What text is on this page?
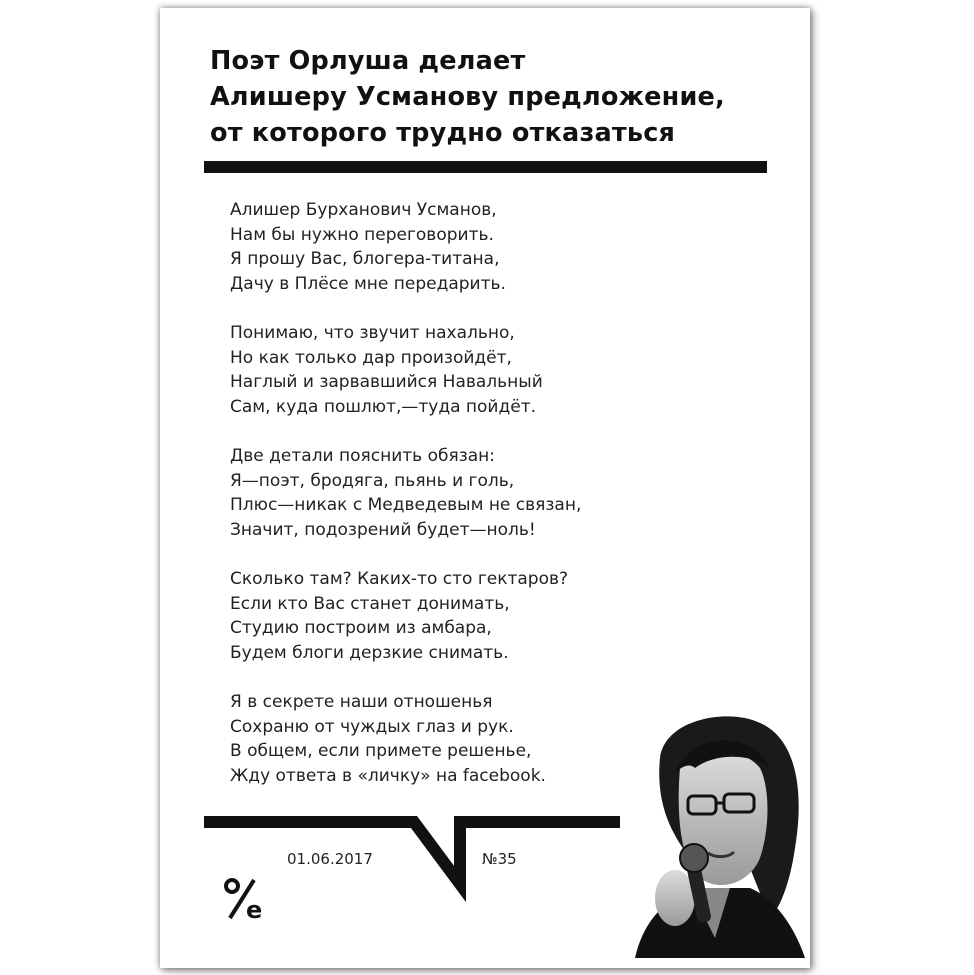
Поэт Орлуша делает
Алишеру Усманову предложение,
от которого трудно отказаться
Алишер Бурханович Усманов,
Нам бы нужно переговорить.
Я прошу Вас, блогера-титана,
Дачу в Плёсе мне передарить.
Понимаю, что звучит нахально,
Но как только дар произойдёт,
Наглый и зарвавшийся Навальный
Сам, куда пошлют,—туда пойдёт.
Две детали пояснить обязан:
Я—поэт, бродяга, пьянь и голь,
Плюс—никак с Медведевым не связан,
Значит, подозрений будет—ноль!
Сколько там? Каких-то сто гектаров?
Если кто Вас станет донимать,
Студию построим из амбара,
Будем блоги дерзкие снимать.
Я в секрете наши отношенья
Сохраню от чуждых глаз и рук.
В общем, если примете решенье,
Жду ответа в «личку» на facebook.
01.06.2017	№35
e
